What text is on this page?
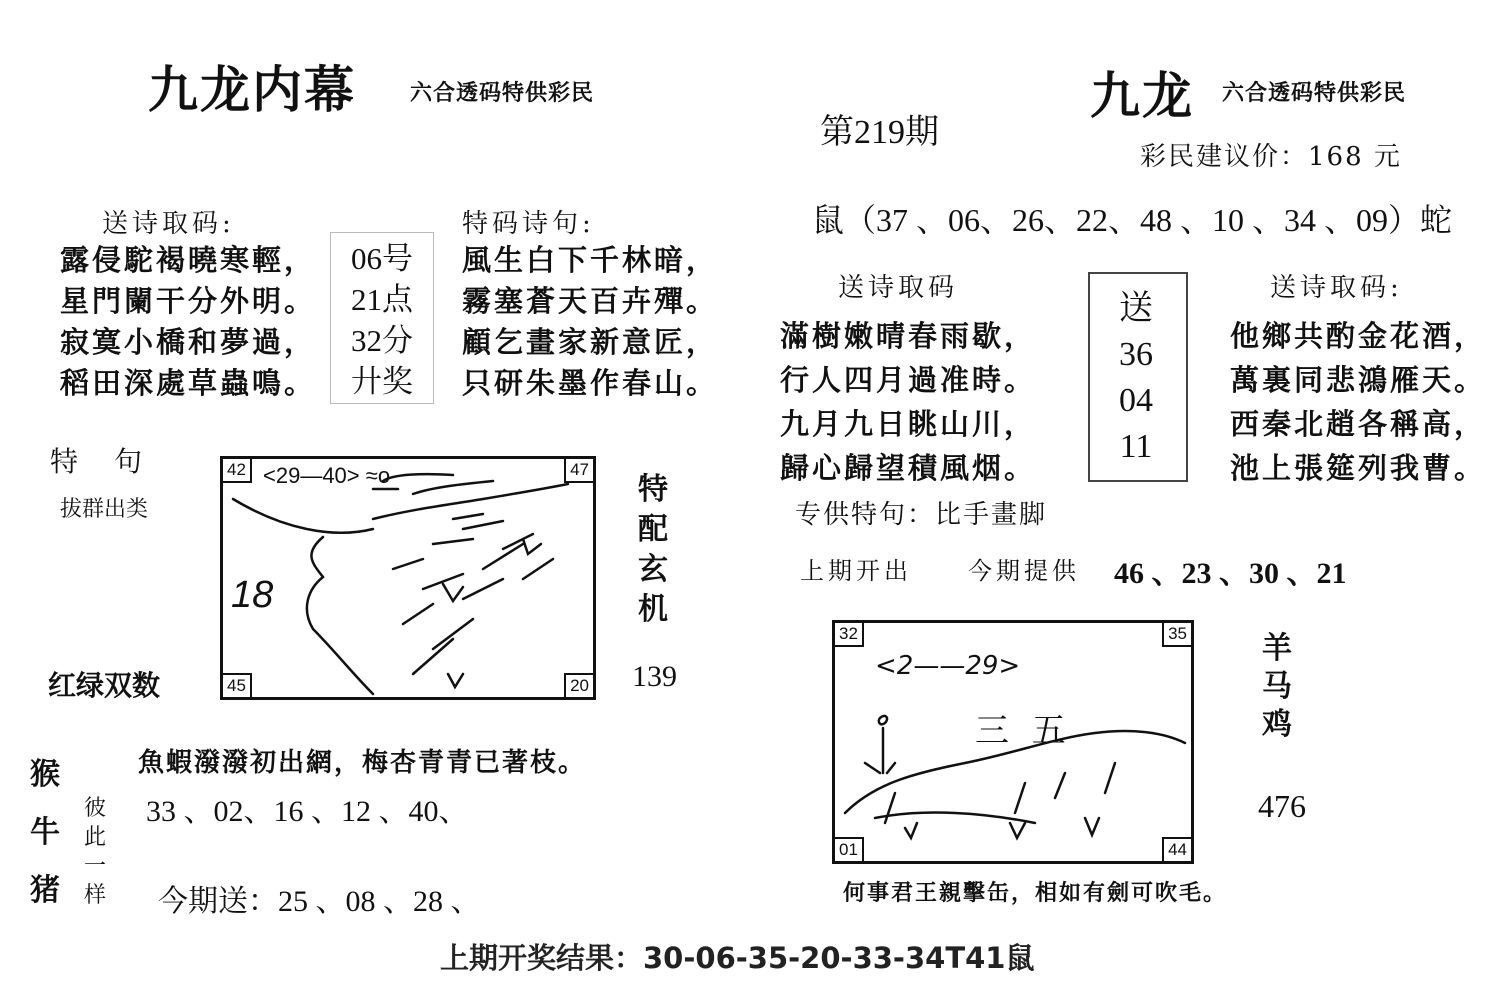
九龙内幕 六合透码特供彩民
送诗取码:
露侵駝褐曉寒輕，
星門闌干分外明。
寂寞小橋和夢過，
稻田深處草蟲鳴。
06号
21点
32分
廾奖
特码诗句:
風生白下千林暗，
霧塞蒼天百卉殫。
顧乞畫家新意匠，
只研朱墨作春山。
特　句
拔群出类
<29—40> ≈o
18
42	47
45	20
特
配
玄
机
139
红绿双数
猴
牛
猪
魚蝦潑潑初出網，梅杏青青已著枝。
彼
此
一
样
33 、02、16 、12 、40、
今期送：25 、08 、28 、
九龙 六合透码特供彩民
第219期
彩民建议价：168 元
鼠（37 、06、26、22、48 、10 、34 、09）蛇
送诗取码
滿樹嫩晴春雨歇，
行人四月過准時。
九月九日眺山川，
歸心歸望積風烟。
送
36
04
11
送诗取码:
他鄉共酌金花酒，
萬裏同悲鴻雁天。
西秦北趙各稱高，
池上張筵列我曹。
专供特句：比手畫脚
上期开出 今期提供 46 、23 、30 、21
<2——29>
三 五
32	35
01	44
羊
马
鸡
476
何事君王親擊缶，相如有劍可吹毛。
上期开奖结果：30-06-35-20-33-34T41鼠
